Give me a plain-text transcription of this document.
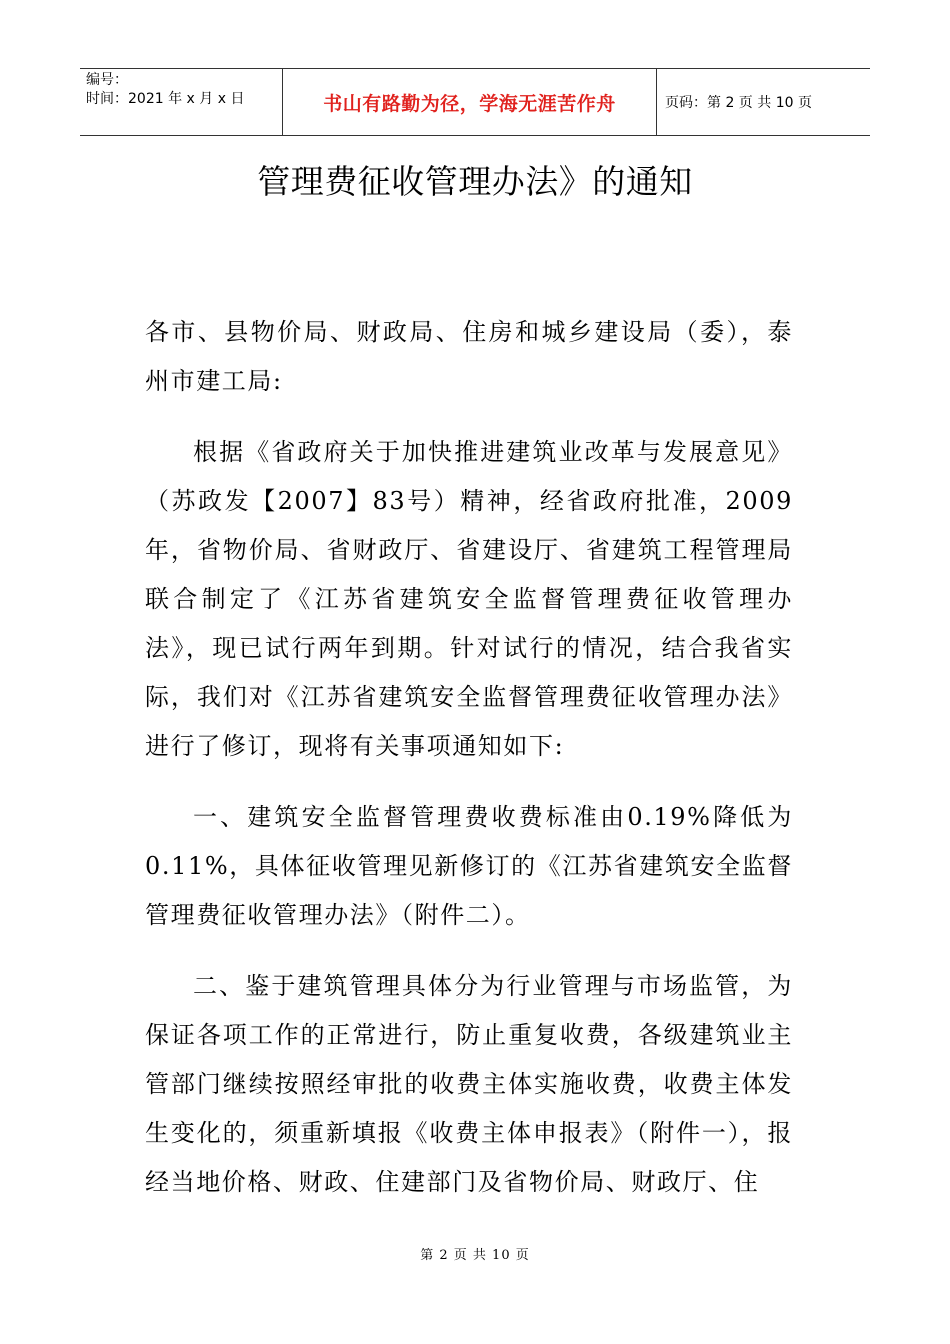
编号：
时间：2021 年 x 月 x 日	书山有路勤为径，学海无涯苦作舟	页码：第 2 页 共 10 页
管理费征收管理办法》的通知

各市、县物价局、财政局、住房和城乡建设局（委），泰州市建工局:

根据《省政府关于加快推进建筑业改革与发展意见》（苏政发【2007】83号）精神，经省政府批准，2009年，省物价局、省财政厅、省建设厅、省建筑工程管理局联合制定了《江苏省建筑安全监督管理费征收管理办法》，现已试行两年到期。针对试行的情况，结合我省实际，我们对《江苏省建筑安全监督管理费征收管理办法》进行了修订，现将有关事项通知如下:

一、建筑安全监督管理费收费标准由0.19%降低为0.11%，具体征收管理见新修订的《江苏省建筑安全监督管理费征收管理办法》（附件二）。

二、鉴于建筑管理具体分为行业管理与市场监管，为保证各项工作的正常进行，防止重复收费，各级建筑业主管部门继续按照经审批的收费主体实施收费，收费主体发生变化的，须重新填报《收费主体申报表》（附件一），报经当地价格、财政、住建部门及省物价局、财政厅、住

第 2 页 共 10 页
